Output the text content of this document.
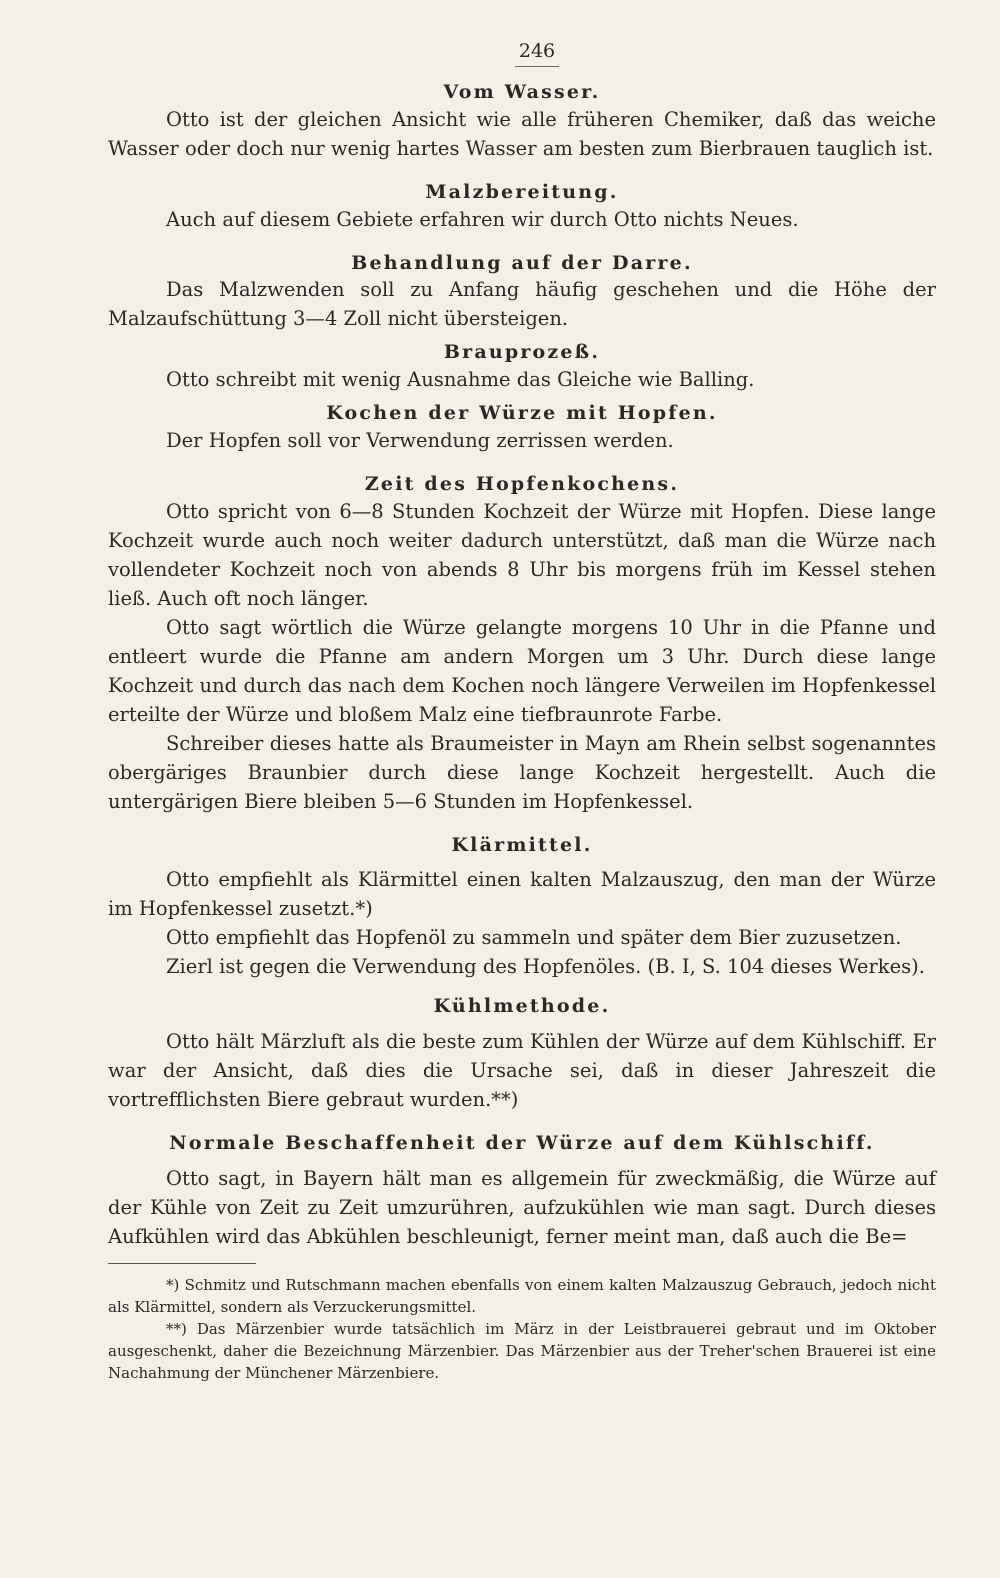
246
Vom Wasser.

Otto ist der gleichen Ansicht wie alle früheren Chemiker, daß das weiche Wasser oder doch nur wenig hartes Wasser am besten zum Bierbrauen tauglich ist.

Malzbereitung.

Auch auf diesem Gebiete erfahren wir durch Otto nichts Neues.

Behandlung auf der Darre.

Das Malzwenden soll zu Anfang häufig geschehen und die Höhe der Malzaufschüttung 3—4 Zoll nicht übersteigen.

Brauprozeß.

Otto schreibt mit wenig Ausnahme das Gleiche wie Balling.

Kochen der Würze mit Hopfen.

Der Hopfen soll vor Verwendung zerrissen werden.

Zeit des Hopfenkochens.

Otto spricht von 6—8 Stunden Kochzeit der Würze mit Hopfen. Diese lange Kochzeit wurde auch noch weiter dadurch unterstützt, daß man die Würze nach vollendeter Kochzeit noch von abends 8 Uhr bis morgens früh im Kessel stehen ließ. Auch oft noch länger.

Otto sagt wörtlich die Würze gelangte morgens 10 Uhr in die Pfanne und entleert wurde die Pfanne am andern Morgen um 3 Uhr. Durch diese lange Kochzeit und durch das nach dem Kochen noch längere Verweilen im Hopfenkessel erteilte der Würze und bloßem Malz eine tiefbraunrote Farbe.

Schreiber dieses hatte als Braumeister in Mayn am Rhein selbst sogenanntes obergäriges Braunbier durch diese lange Kochzeit hergestellt. Auch die untergärigen Biere bleiben 5—6 Stunden im Hopfenkessel.

Klärmittel.

Otto empfiehlt als Klärmittel einen kalten Malzauszug, den man der Würze im Hopfenkessel zusetzt.*)

Otto empfiehlt das Hopfenöl zu sammeln und später dem Bier zuzusetzen.

Zierl ist gegen die Verwendung des Hopfenöles. (B. I, S. 104 dieses Werkes).

Kühlmethode.

Otto hält Märzluft als die beste zum Kühlen der Würze auf dem Kühlschiff. Er war der Ansicht, daß dies die Ursache sei, daß in dieser Jahreszeit die vortrefflichsten Biere gebraut wurden.**)

Normale Beschaffenheit der Würze auf dem Kühlschiff.

Otto sagt, in Bayern hält man es allgemein für zweckmäßig, die Würze auf der Kühle von Zeit zu Zeit umzurühren, aufzukühlen wie man sagt. Durch dieses Aufkühlen wird das Abkühlen beschleunigt, ferner meint man, daß auch die Be=

*) Schmitz und Rutschmann machen ebenfalls von einem kalten Malzauszug Gebrauch, jedoch nicht als Klärmittel, sondern als Verzuckerungsmittel.

**) Das Märzenbier wurde tatsächlich im März in der Leistbrauerei gebraut und im Oktober ausgeschenkt, daher die Bezeichnung Märzenbier. Das Märzenbier aus der Treher'schen Brauerei ist eine Nachahmung der Münchener Märzenbiere.
